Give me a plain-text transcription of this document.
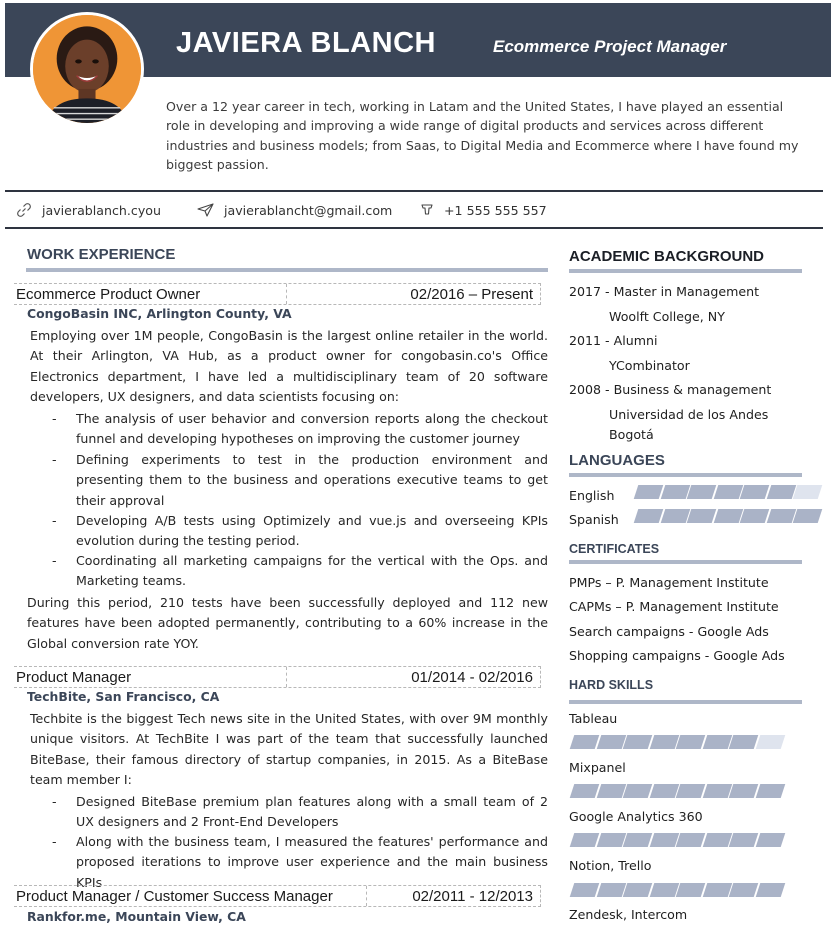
JAVIERA BLANCH	Ecommerce Project Manager
Over a 12 year career in tech, working in Latam and the United States, I have played an essential role in developing and improving a wide range of digital products and services across different industries and business models; from Saas, to Digital Media and Ecommerce where I have found my biggest passion.
javierablanch.cyou	javierablancht@gmail.com	+1 555 555 557
WORK EXPERIENCE
Ecommerce Product Owner	02/2016 – Present
CongoBasin INC, Arlington County, VA
Employing over 1M people, CongoBasin is the largest online retailer in the world. At their Arlington, VA Hub, as a product owner for congobasin.co's Office Electronics department, I have led a multidisciplinary team of 20 software developers, UX designers, and data scientists focusing on:
- The analysis of user behavior and conversion reports along the checkout funnel and developing hypotheses on improving the customer journey
- Defining experiments to test in the production environment and presenting them to the business and operations executive teams to get their approval
- Developing A/B tests using Optimizely and vue.js and overseeing KPIs evolution during the testing period.
- Coordinating all marketing campaigns for the vertical with the Ops. and Marketing teams.
During this period, 210 tests have been successfully deployed and 112 new features have been adopted permanently, contributing to a 60% increase in the Global conversion rate YOY.
Product Manager	01/2014 - 02/2016
TechBite, San Francisco, CA
Techbite is the biggest Tech news site in the United States, with over 9M monthly unique visitors. At TechBite I was part of the team that successfully launched BiteBase, their famous directory of startup companies, in 2015. As a BiteBase team member I:
- Designed BiteBase premium plan features along with a small team of 2 UX designers and 2 Front-End Developers
- Along with the business team, I measured the features' performance and proposed iterations to improve user experience and the main business KPIs
Product Manager / Customer Success Manager	02/2011 - 12/2013
Rankfor.me, Mountain View, CA
ACADEMIC BACKGROUND
2017 - Master in Management
Woolft College, NY
2011 - Alumni
YCombinator
2008 - Business & management
Universidad de los Andes
Bogotá
LANGUAGES
English
Spanish
CERTIFICATES
PMPs – P. Management Institute
CAPMs – P. Management Institute
Search campaigns - Google Ads
Shopping campaigns - Google Ads
HARD SKILLS
Tableau
Mixpanel
Google Analytics 360
Notion, Trello
Zendesk, Intercom
